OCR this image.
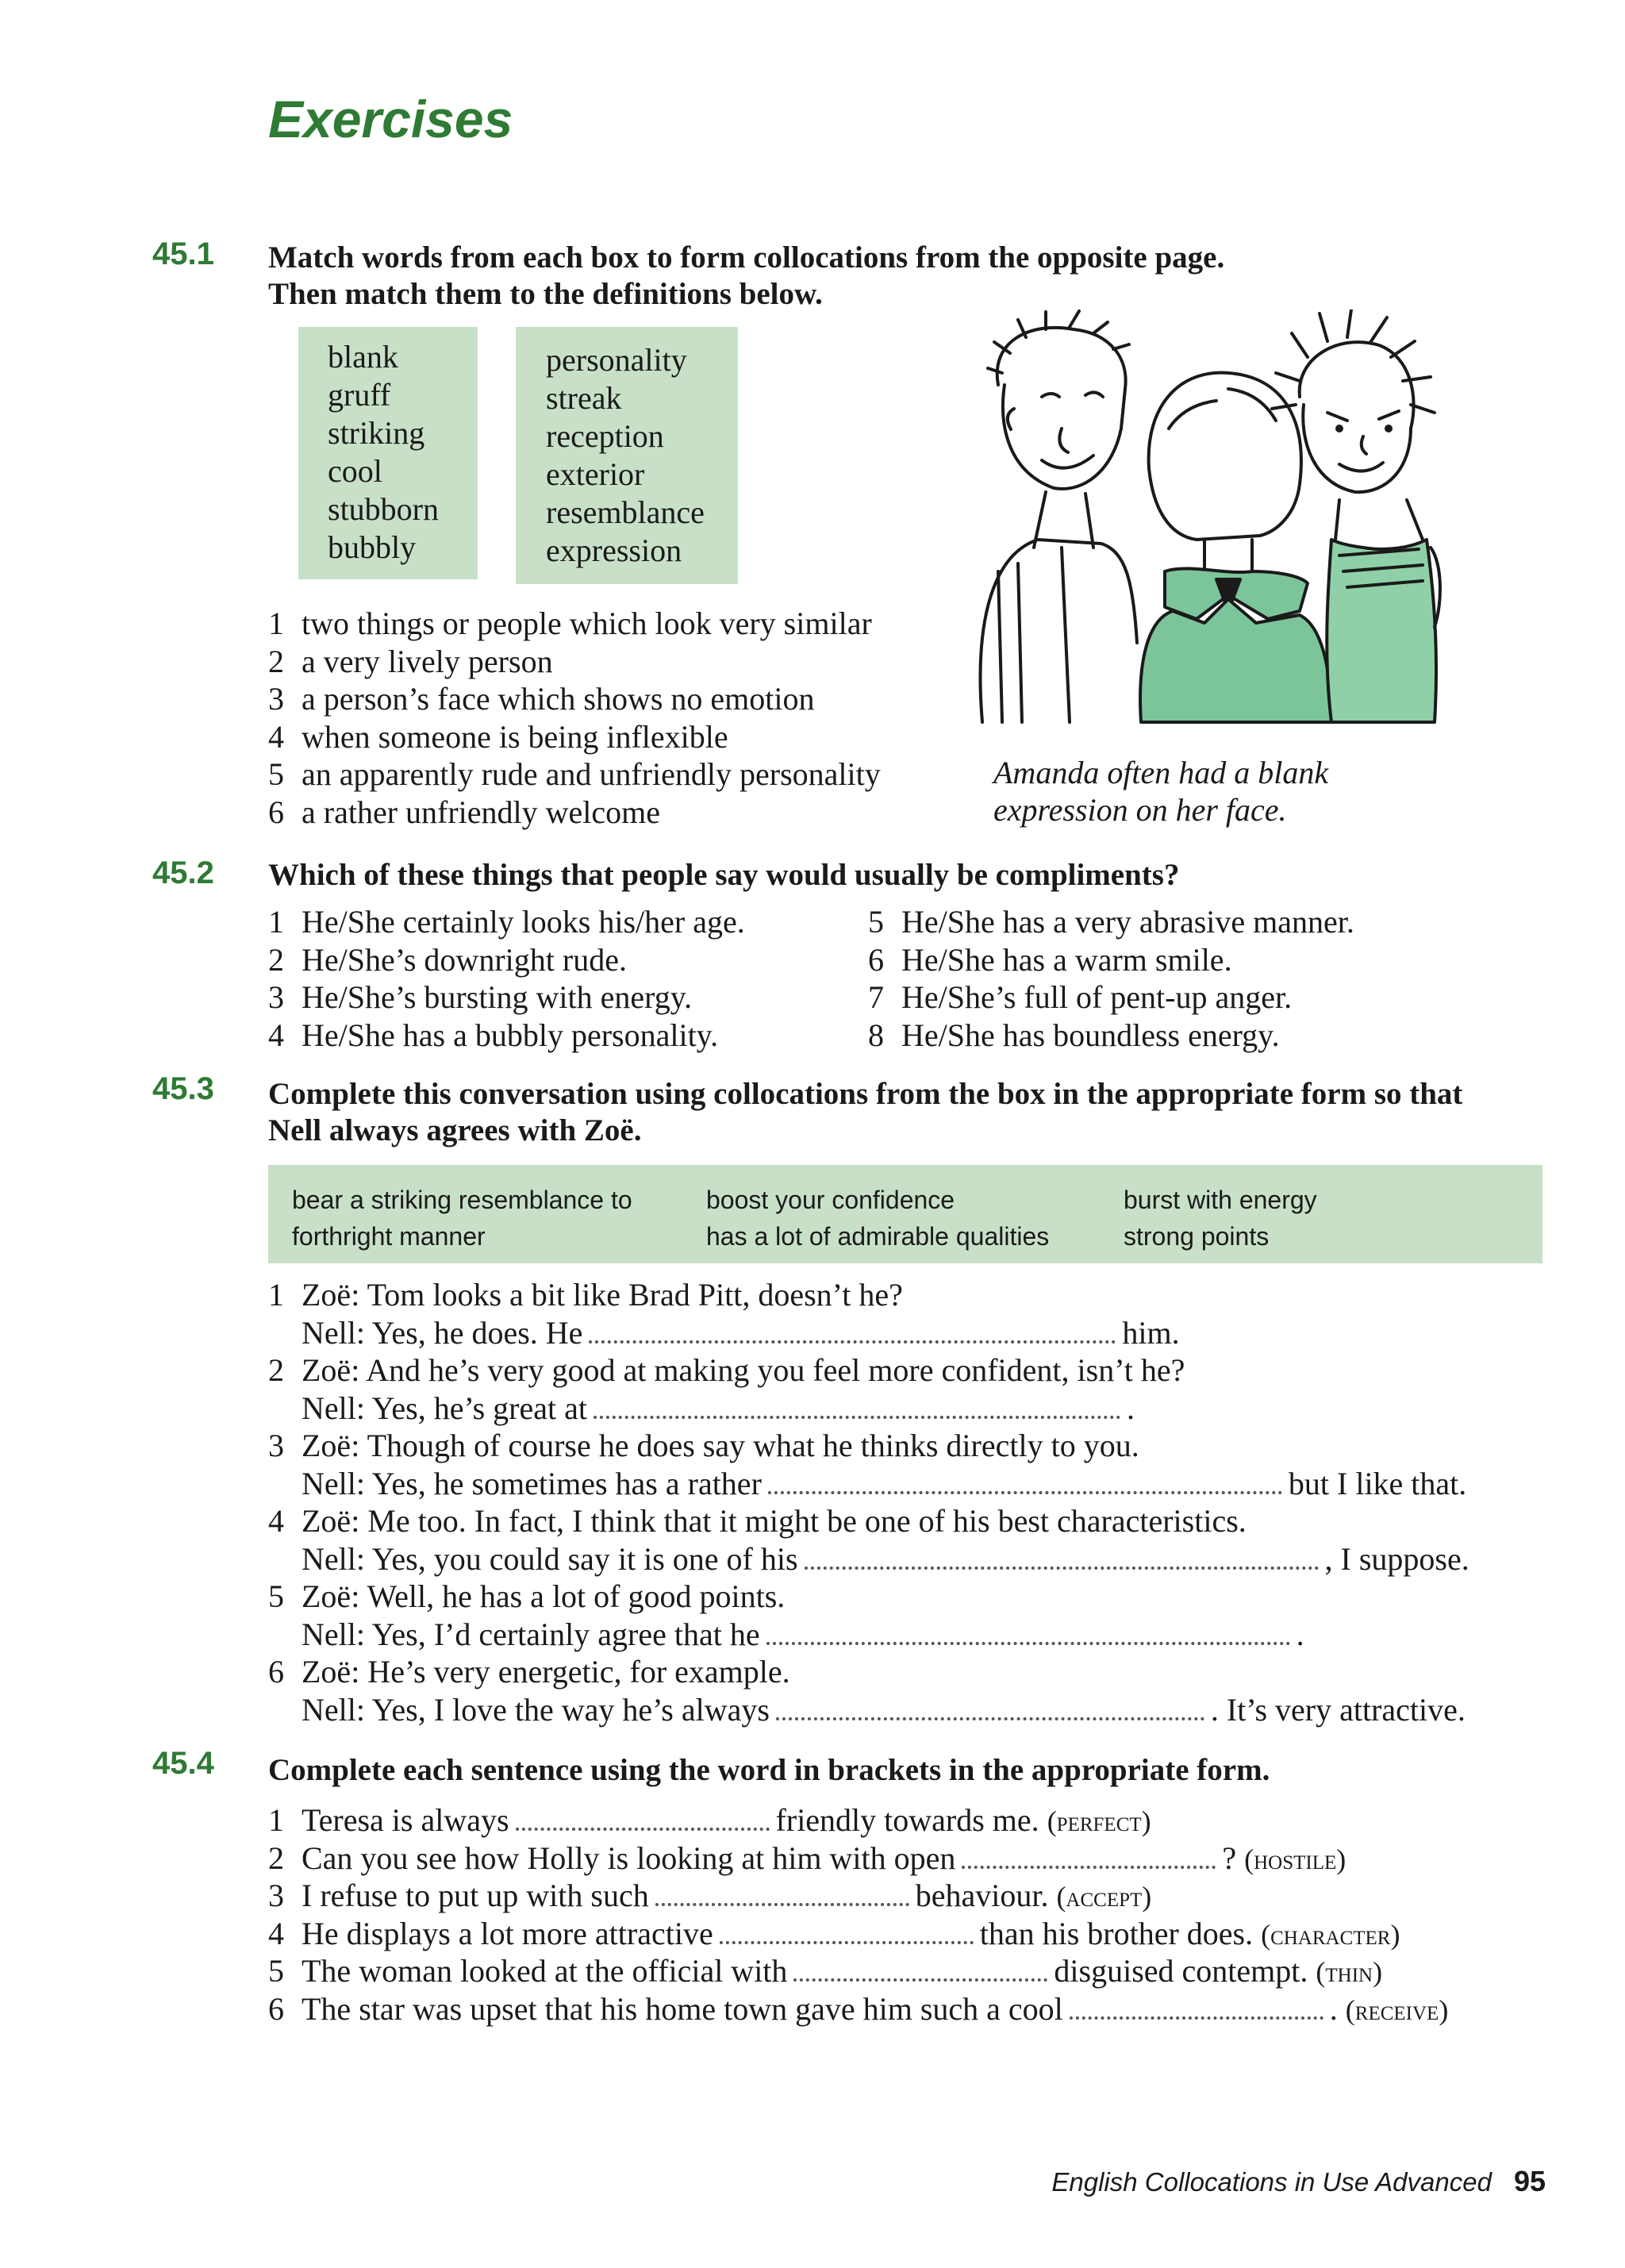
Exercises
45.1 Match words from each box to form collocations from the opposite page. Then match them to the definitions below.
blank
gruff
striking
cool
stubborn
bubbly
personality
streak
reception
exterior
resemblance
expression
1 two things or people which look very similar
2 a very lively person
3 a person’s face which shows no emotion
4 when someone is being inflexible
5 an apparently rude and unfriendly personality
6 a rather unfriendly welcome
Amanda often had a blank
expression on her face.
45.2 Which of these things that people say would usually be compliments?
1 He/She certainly looks his/her age.
2 He/She’s downright rude.
3 He/She’s bursting with energy.
4 He/She has a bubbly personality.
5 He/She has a very abrasive manner.
6 He/She has a warm smile.
7 He/She’s full of pent-up anger.
8 He/She has boundless energy.
45.3 Complete this conversation using collocations from the box in the appropriate form so that
Nell always agrees with Zoë.
bear a striking resemblance to	boost your confidence	burst with energy
forthright manner	has a lot of admirable qualities	strong points
1 Zoë: Tom looks a bit like Brad Pitt, doesn’t he?
Nell: Yes, he does. He	him.
2 Zoë: And he’s very good at making you feel more confident, isn’t he?
Nell: Yes, he’s great at	.
3 Zoë: Though of course he does say what he thinks directly to you.
Nell: Yes, he sometimes has a rather	but I like that.
4 Zoë: Me too. In fact, I think that it might be one of his best characteristics.
Nell: Yes, you could say it is one of his	, I suppose.
5 Zoë: Well, he has a lot of good points.
Nell: Yes, I’d certainly agree that he	.
6 Zoë: He’s very energetic, for example.
Nell: Yes, I love the way he’s always	. It’s very attractive.
45.4 Complete each sentence using the word in brackets in the appropriate form.
1 Teresa is always	friendly towards me. (perfect)
2 Can you see how Holly is looking at him with open	? (hostile)
3 I refuse to put up with such	behaviour. (accept)
4 He displays a lot more attractive	than his brother does. (character)
5 The woman looked at the official with	disguised contempt. (thin)
6 The star was upset that his home town gave him such a cool	. (receive)
English Collocations in Use Advanced 95
